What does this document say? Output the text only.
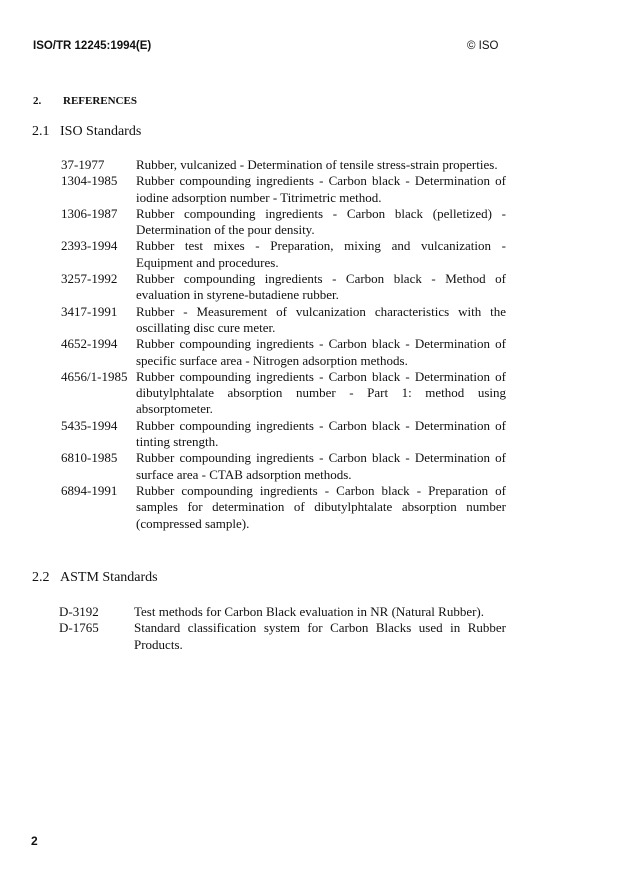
ISO/TR 12245:1994(E)	© ISO
2. REFERENCES
2.1 ISO Standards
37-1977	Rubber, vulcanized - Determination of tensile stress-strain properties.
1304-1985	Rubber compounding ingredients - Carbon black - Determination of iodine adsorption number - Titrimetric method.
1306-1987	Rubber compounding ingredients - Carbon black (pelletized) - Determination of the pour density.
2393-1994	Rubber test mixes - Preparation, mixing and vulcanization - Equipment and procedures.
3257-1992	Rubber compounding ingredients - Carbon black - Method of evaluation in styrene-butadiene rubber.
3417-1991	Rubber - Measurement of vulcanization characteristics with the oscillating disc cure meter.
4652-1994	Rubber compounding ingredients - Carbon black - Determination of specific surface area - Nitrogen adsorption methods.
4656/1-1985 Rubber compounding ingredients - Carbon black - Determination of dibutylphtalate absorption number - Part 1: method using absorptometer.
5435-1994	Rubber compounding ingredients - Carbon black - Determination of tinting strength.
6810-1985	Rubber compounding ingredients - Carbon black - Determination of surface area - CTAB adsorption methods.
6894-1991	Rubber compounding ingredients - Carbon black - Preparation of samples for determination of dibutylphtalate absorption number (compressed sample).
2.2 ASTM Standards
D-3192	Test methods for Carbon Black evaluation in NR (Natural Rubber).
D-1765	Standard classification system for Carbon Blacks used in Rubber Products.
2
